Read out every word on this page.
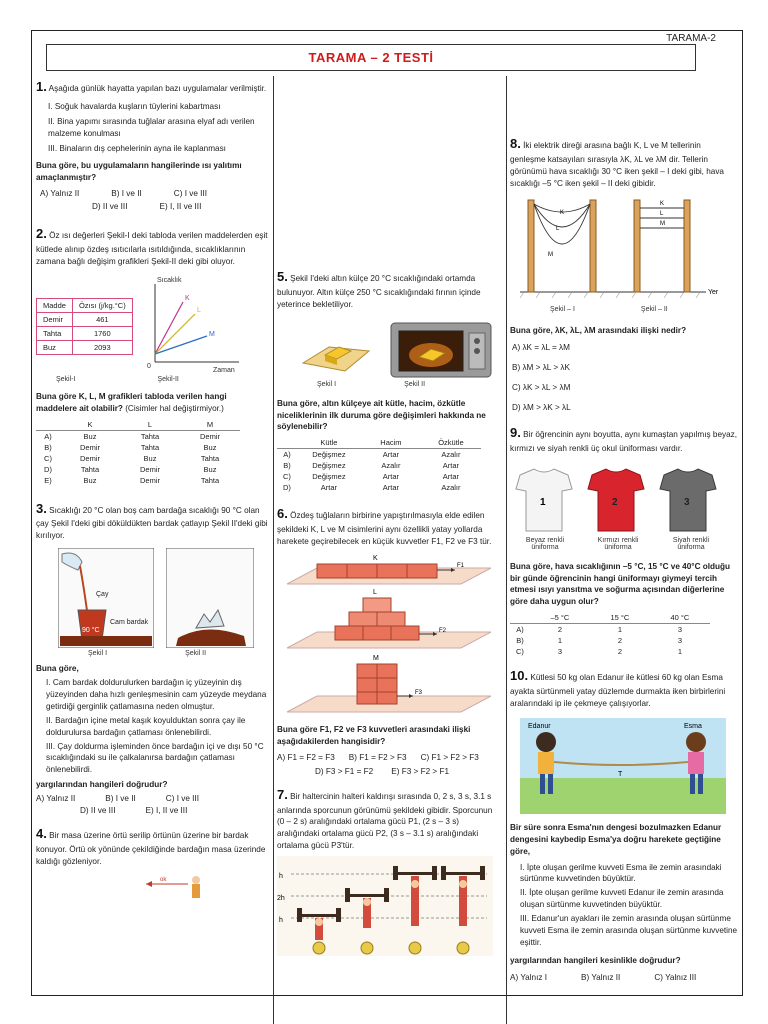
TARAMA-2
TARAMA – 2 TESTİ

1. Aşağıda günlük hayatta yapılan bazı uygulamalar verilmiştir.

I. Soğuk havalarda kuşların tüylerini kabartması

II. Bina yapımı sırasında tuğlalar arasına elyaf adı verilen malzeme konulması

III. Binaların dış cephelerinin ayna ile kaplanması

Buna göre, bu uygulamaların hangilerinde ısı yalıtımı amaçlanmıştır?

A) Yalnız II	B) I ve II	C) I ve III
D) II ve III	E) I, II ve III

2. Öz ısı değerleri Şekil-I deki tabloda verilen maddelerden eşit kütlede alınıp özdeş ısıtıcılarla ısıtıldığında, sıcaklıklarının zamana bağlı değişim grafikleri Şekil-II deki gibi oluyor.

Madde	Özısı (j/kg.°C)
Demir	461
Tahta	1760
Buz	2093
Sıcaklık
Zaman
0
K
L
M
Şekil-I	Şekil-II

Buna göre K, L, M grafikleri tabloda verilen hangi maddelere ait olabilir? (Cisimler hal değiştirmiyor.)

	K	L	M
A)	Buz	Tahta	Demir
B)	Demir	Tahta	Buz
C)	Demir	Buz	Tahta
D)	Tahta	Demir	Buz
E)	Buz	Demir	Tahta

3. Sıcaklığı 20 °C olan boş cam bardağa sıcaklığı 90 °C olan çay Şekil I'deki gibi döküldükten bardak çatlayıp Şekil II'deki gibi kırılıyor.

Çay
Cam bardak
90 °C
Şekil I	Şekil II

Buna göre,

I. Cam bardak doldurulurken bardağın iç yüzeyinin dış yüzeyinden daha hızlı genleşmesinin cam yüzeyde meydana getirdiği gerginlik çatlamasına neden olmuştur.

II. Bardağın içine metal kaşık koyulduktan sonra çay ile doldurulursa bardağın çatlaması önlenebilirdi.

III. Çay doldurma işleminden önce bardağın içi ve dışı 50 °C sıcaklığındaki su ile çalkalanırsa bardağın çatlaması önlenebilirdi.

yargılarından hangileri doğrudur?

A) Yalnız II	B) I ve II	C) I ve III
D) II ve III	E) I, II ve III

4. Bir masa üzerine örtü serilip örtünün üzerine bir bardak konuyor. Örtü ok yönünde çekildiğinde bardağın masa üzerinde kaldığı gözleniyor.

ok

5. Şekil I'deki altın külçe 20 °C sıcaklığındaki ortamda bulunuyor. Altın külçe 250 °C sıcaklığındaki fırının içinde yeterince bekletiliyor.

Şekil I	Şekil II

Buna göre, altın külçeye ait kütle, hacim, özkütle niceliklerinin ilk duruma göre değişimleri hakkında ne söylenebilir?

	Kütle	Hacim	Özkütle
A)	Değişmez	Artar	Azalır
B)	Değişmez	Azalır	Artar
C)	Değişmez	Artar	Artar
D)	Artar	Artar	Azalır

6. Özdeş tuğlaların birbirine yapıştırılmasıyla elde edilen şekildeki K, L ve M cisimlerini aynı özellikli yatay yollarda harekete geçirebilecek en küçük kuvvetler F1, F2 ve F3 tür.

K
F1
L
F2
M
F3

Buna göre F1, F2 ve F3 kuvvetleri arasındaki ilişki aşağıdakilerden hangisidir?

A) F1 = F2 = F3 B) F1 = F2 > F3 C) F1 > F2 > F3
D) F3 > F1 = F2 E) F3 > F2 > F1

7. Bir haltercinin halteri kaldırışı sırasında 0, 2 s, 3 s, 3.1 s anlarında sporcunun görünümü şekildeki gibidir. Sporcunun (0 – 2 s) aralığındaki ortalama gücü P1, (2 s – 3 s) aralığındaki ortalama gücü P2, (3 s – 3.1 s) aralığındaki ortalama gücü P3'tür.

h
2h
h

8. İki elektrik direği arasına bağlı K, L ve M tellerinin genleşme katsayıları sırasıyla λK, λL ve λM dir. Tellerin görünümü hava sıcaklığı 30 °C iken şekil – I deki gibi, hava sıcaklığı –5 °C iken şekil – II deki gibidir.

Yer
K
L
M
K
L
M
Şekil – I	Şekil – II

Buna göre, λK, λL, λM arasındaki ilişki nedir?

A) λK = λL = λM

B) λM > λL > λK

C) λK > λL > λM

D) λM > λK > λL

9. Bir öğrencinin aynı boyutta, aynı kumaştan yapılmış beyaz, kırmızı ve siyah renkli üç okul üniforması vardır.

1	2	3
Beyaz renkli üniforma
Kırmızı renkli üniforma
Siyah renkli üniforma

Buna göre, hava sıcaklığının –5 °C, 15 °C ve 40°C olduğu bir günde öğrencinin hangi üniformayı giymeyi tercih etmesi ısıyı yansıtma ve soğurma açısından diğerlerine göre daha uygun olur?

	–5 °C	15 °C	40 °C
A)	2	1	3
B)	1	2	3
C)	3	2	1

10. Kütlesi 50 kg olan Edanur ile kütlesi 60 kg olan Esma ayakta sürtünmeli yatay düzlemde durmakta iken birbirlerini aralarındaki ip ile çekmeye çalışıyorlar.

T
Edanur	Esma

Bir süre sonra Esma'nın dengesi bozulmazken Edanur dengesini kaybedip Esma'ya doğru harekete geçtiğine göre,

I. İpte oluşan gerilme kuvveti Esma ile zemin arasındaki sürtünme kuvvetinden büyüktür.

II. İpte oluşan gerilme kuvveti Edanur ile zemin arasında oluşan sürtünme kuvvetinden büyüktür.

III. Edanur'un ayakları ile zemin arasında oluşan sürtünme kuvveti Esma ile zemin arasında oluşan sürtünme kuvvetine eşittir.

yargılarından hangileri kesinlikle doğrudur?

A) Yalnız I	B) Yalnız II	C) Yalnız III
